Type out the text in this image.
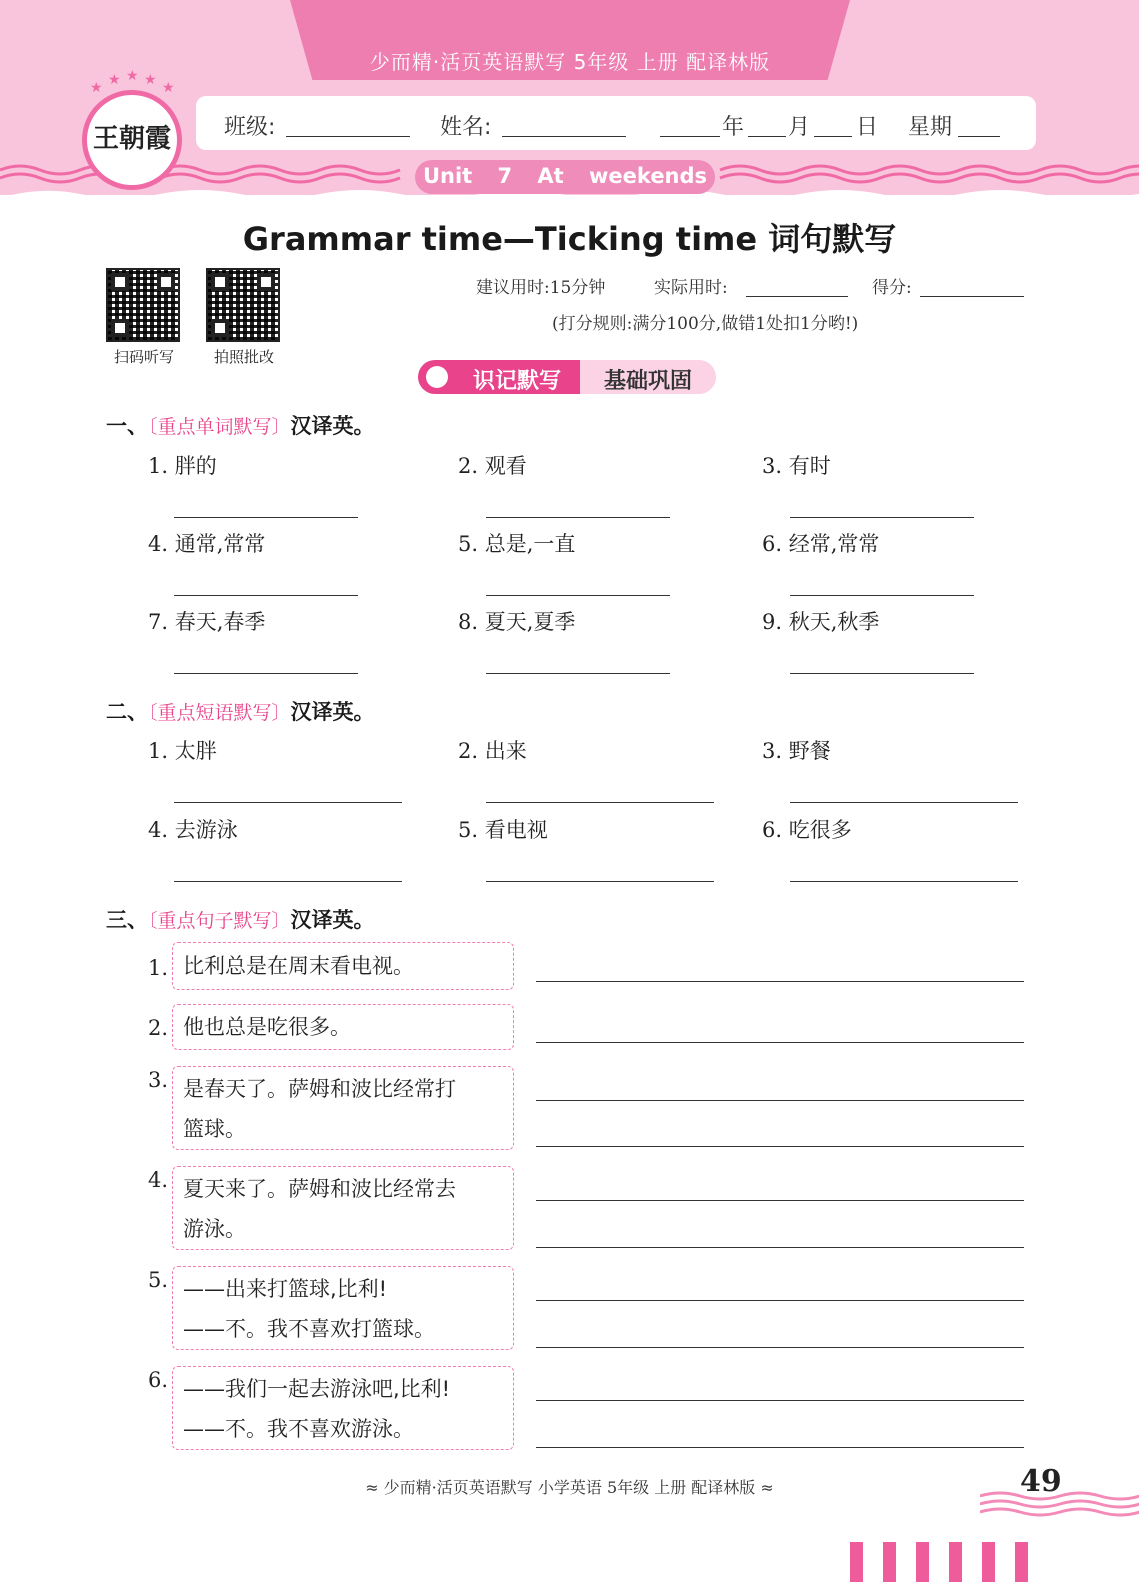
少而精·活页英语默写 5年级 上册 配译林版
班级:	姓名:	年 月 日 星期
★ ★ ★ ★ ★
王朝霞
Unit 7 At weekends
Grammar time—Ticking time 词句默写
扫码听写	拍照批改
建议用时:15分钟	实际用时:	得分:
(打分规则:满分100分,做错1处扣1分哟!)
识记默写	基础巩固
一、〔重点单词默写〕汉译英。
1. 胖的	2. 观看	3. 有时
4. 通常,常常	5. 总是,一直	6. 经常,常常
7. 春天,春季	8. 夏天,夏季	9. 秋天,秋季
二、〔重点短语默写〕汉译英。
1. 太胖	2. 出来	3. 野餐
4. 去游泳	5. 看电视	6. 吃很多
三、〔重点句子默写〕汉译英。
1. 比利总是在周末看电视。
2. 他也总是吃很多。
3. 是春天了。萨姆和波比经常打
篮球。
4. 夏天来了。萨姆和波比经常去
游泳。
5. ——出来打篮球,比利!
——不。我不喜欢打篮球。
6. ——我们一起去游泳吧,比利!
——不。我不喜欢游泳。
≈ 少而精·活页英语默写 小学英语 5年级 上册 配译林版 ≈	49
